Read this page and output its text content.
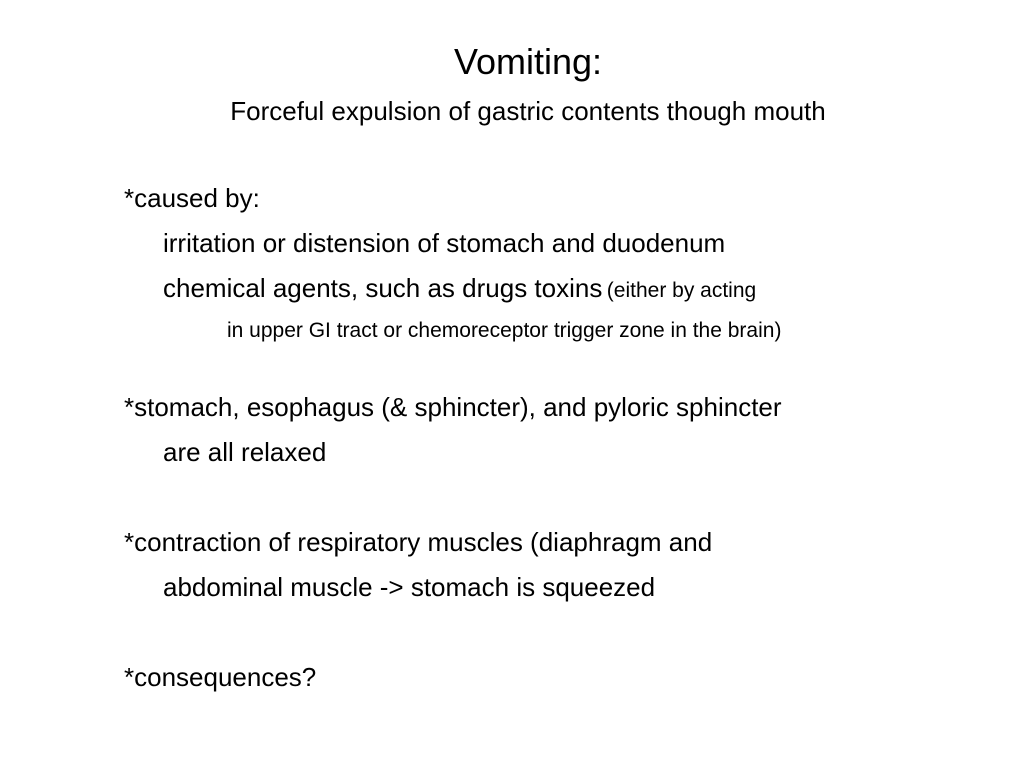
Vomiting:
Forceful expulsion of gastric contents though mouth
*caused by:
irritation or distension of stomach and duodenum
chemical agents, such as drugs toxins (either by acting
in upper GI tract or chemoreceptor trigger zone in the brain)
*stomach, esophagus (& sphincter), and pyloric sphincter
are all relaxed
*contraction of respiratory muscles (diaphragm and
abdominal muscle -> stomach is squeezed
*consequences?
